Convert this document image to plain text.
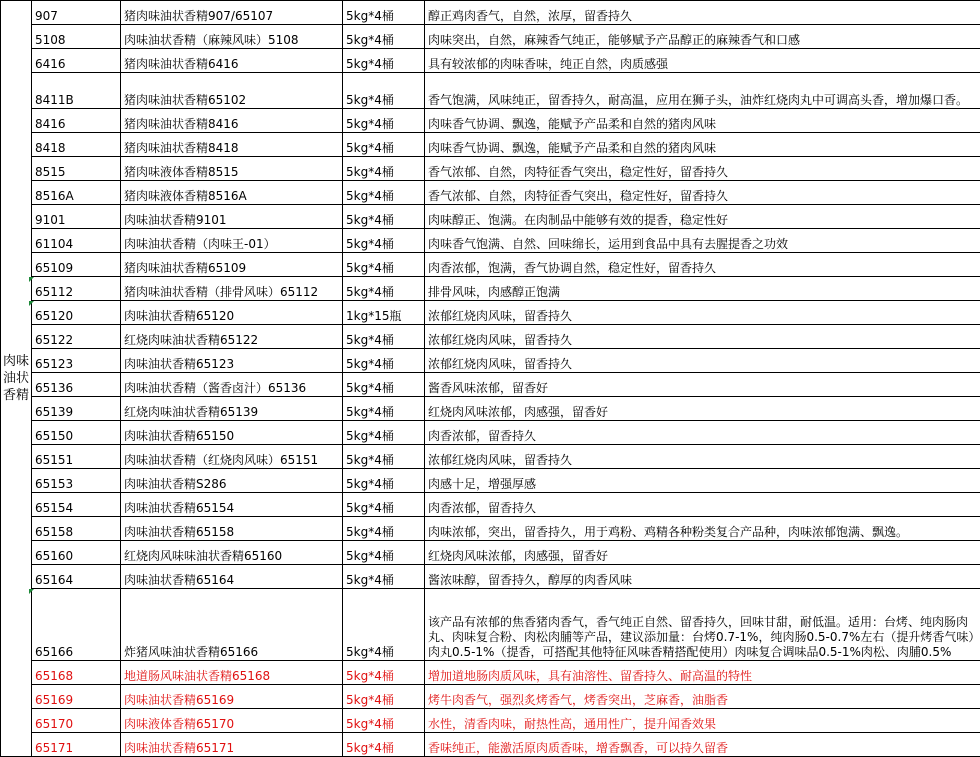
肉味油状香精	907	猪肉味油状香精907/65107	5kg*4桶	醇正鸡肉香气，自然，浓厚，留香持久
	5108	肉味油状香精（麻辣风味）5108	5kg*4桶	肉味突出，自然，麻辣香气纯正，能够赋予产品醇正的麻辣香气和口感
	6416	猪肉味油状香精6416	5kg*4桶	具有较浓郁的肉味香味，纯正自然，肉质感强
	8411B	猪肉味油状香精65102	5kg*4桶	香气饱满，风味纯正，留香持久，耐高温，应用在狮子头，油炸红烧肉丸中可调高头香，增加爆口香。
	8416	猪肉味油状香精8416	5kg*4桶	肉味香气协调、飘逸，能赋予产品柔和自然的猪肉风味
	8418	猪肉味油状香精8418	5kg*4桶	肉味香气协调、飘逸，能赋予产品柔和自然的猪肉风味
	8515	猪肉味液体香精8515	5kg*4桶	香气浓郁、自然，肉特征香气突出，稳定性好，留香持久
	8516A	猪肉味液体香精8516A	5kg*4桶	香气浓郁、自然，肉特征香气突出，稳定性好，留香持久
	9101	肉味油状香精9101	5kg*4桶	肉味醇正、饱满。在肉制品中能够有效的提香，稳定性好
	61104	肉味油状香精（肉味王-01）	5kg*4桶	肉味香气饱满、自然、回味绵长，运用到食品中具有去腥提香之功效
	65109	猪肉味油状香精65109	5kg*4桶	肉香浓郁，饱满，香气协调自然，稳定性好，留香持久
	65112	猪肉味油状香精（排骨风味）65112	5kg*4桶	排骨风味，肉感醇正饱满
	65120	肉味油状香精65120	1kg*15瓶	浓郁红烧肉风味，留香持久
	65122	红烧肉味油状香精65122	5kg*4桶	浓郁红烧肉风味，留香持久
	65123	肉味油状香精65123	5kg*4桶	浓郁红烧肉风味，留香持久
	65136	肉味油状香精（酱香卤汁）65136	5kg*4桶	酱香风味浓郁，留香好
	65139	红烧肉味油状香精65139	5kg*4桶	红烧肉风味浓郁，肉感强，留香好
	65150	肉味油状香精65150	5kg*4桶	肉香浓郁，留香持久
	65151	肉味油状香精（红烧肉风味）65151	5kg*4桶	浓郁红烧肉风味，留香持久
	65153	肉味油状香精S286	5kg*4桶	肉感十足，增强厚感
	65154	肉味油状香精65154	5kg*4桶	肉香浓郁，留香持久
	65158	肉味油状香精65158	5kg*4桶	肉味浓郁，突出，留香持久，用于鸡粉、鸡精各种粉类复合产品种，肉味浓郁饱满、飘逸。
	65160	红烧肉风味味油状香精65160	5kg*4桶	红烧肉风味浓郁，肉感强，留香好
	65164	肉味油状香精65164	5kg*4桶	酱浓味醇，留香持久，醇厚的肉香风味
	65166	炸猪风味油状香精65166	5kg*4桶	该产品有浓郁的焦香猪肉香气，香气纯正自然、留香持久，回味甘甜，耐低温。适用：台烤、纯肉肠肉丸、肉味复合粉、肉松肉脯等产品，建议添加量：台烤0.7-1%，纯肉肠0.5-0.7%左右（提升烤香气味）肉丸0.5-1%（提香，可搭配其他特征风味香精搭配使用）肉味复合调味品0.5-1%肉松、肉脯0.5%
	65168	地道肠风味油状香精65168	5kg*4桶	增加道地肠肉质风味，具有油溶性、留香持久、耐高温的特性
	65169	肉味油状香精65169	5kg*4桶	烤牛肉香气，强烈炙烤香气，烤香突出，芝麻香，油脂香
	65170	肉味液体香精65170	5kg*4桶	水性，清香肉味，耐热性高，通用性广，提升闻香效果
	65171	肉味油状香精65171	5kg*4桶	香味纯正，能激活原肉质香味，增香飘香，可以持久留香
